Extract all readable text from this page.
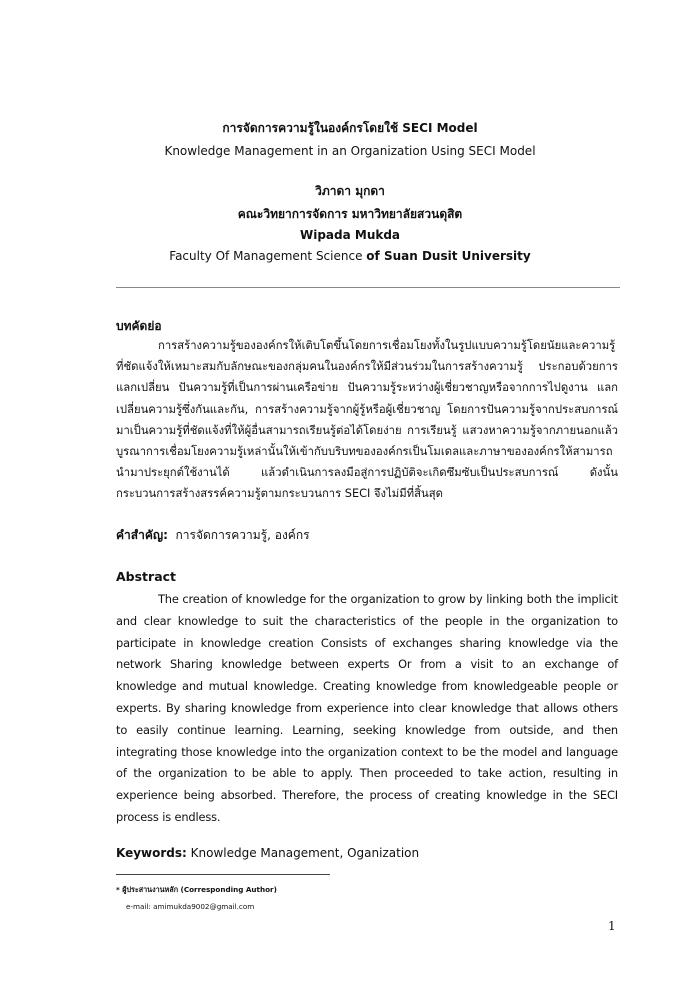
การจัดการความรู้ในองค์กรโดยใช้ SECI Model
Knowledge Management in an Organization Using SECI Model
วิภาดา มุกดา
คณะวิทยาการจัดการ มหาวิทยาลัยสวนดุสิต
Wipada Mukda
Faculty Of Management Science of Suan Dusit University
บทคัดย่อ

การสร้างความรู้ขององค์กรให้เติบโตขึ้นโดยการเชื่อมโยงทั้งในรูปแบบความรู้โดยนัยและความรู้ที่ชัดแจ้งให้เหมาะสมกับลักษณะของกลุ่มคนในองค์กรให้มีส่วนร่วมในการสร้างความรู้ ประกอบด้วยการแลกเปลี่ยน ปันความรู้ที่เป็นการผ่านเครือข่าย ปันความรู้ระหว่างผู้เชี่ยวชาญหรือจากการไปดูงาน แลกเปลี่ยนความรู้ซึ่งกันและกัน, การสร้างความรู้จากผู้รู้หรือผู้เชี่ยวชาญ โดยการปันความรู้จากประสบการณ์มาเป็นความรู้ที่ชัดแจ้งที่ให้ผู้อื่นสามารถเรียนรู้ต่อได้โดยง่าย การเรียนรู้ แสวงหาความรู้จากภายนอกแล้วบูรณาการเชื่อมโยงความรู้เหล่านั้นให้เข้ากับบริบทขององค์กรเป็นโมเดลและภาษาขององค์กรให้สามารถนำมาประยุกต์ใช้งานได้ แล้วดำเนินการลงมือสู่การปฏิบัติจะเกิดซึมซับเป็นประสบการณ์ ดังนั้นกระบวนการสร้างสรรค์ความรู้ตามกระบวนการ SECI จึงไม่มีที่สิ้นสุด

คำสำคัญ: การจัดการความรู้, องค์กร
Abstract

The creation of knowledge for the organization to grow by linking both the implicit and clear knowledge to suit the characteristics of the people in the organization to participate in knowledge creation Consists of exchanges sharing knowledge via the network Sharing knowledge between experts Or from a visit to an exchange of knowledge and mutual knowledge. Creating knowledge from knowledgeable people or experts. By sharing knowledge from experience into clear knowledge that allows others to easily continue learning. Learning, seeking knowledge from outside, and then integrating those knowledge into the organization context to be the model and language of the organization to be able to apply. Then proceeded to take action, resulting in experience being absorbed. Therefore, the process of creating knowledge in the SECI process is endless.

Keywords: Knowledge Management, Oganization
* ผู้ประสานงานหลัก (Corresponding Author)
e-mail: amimukda9002@gmail.com
1
